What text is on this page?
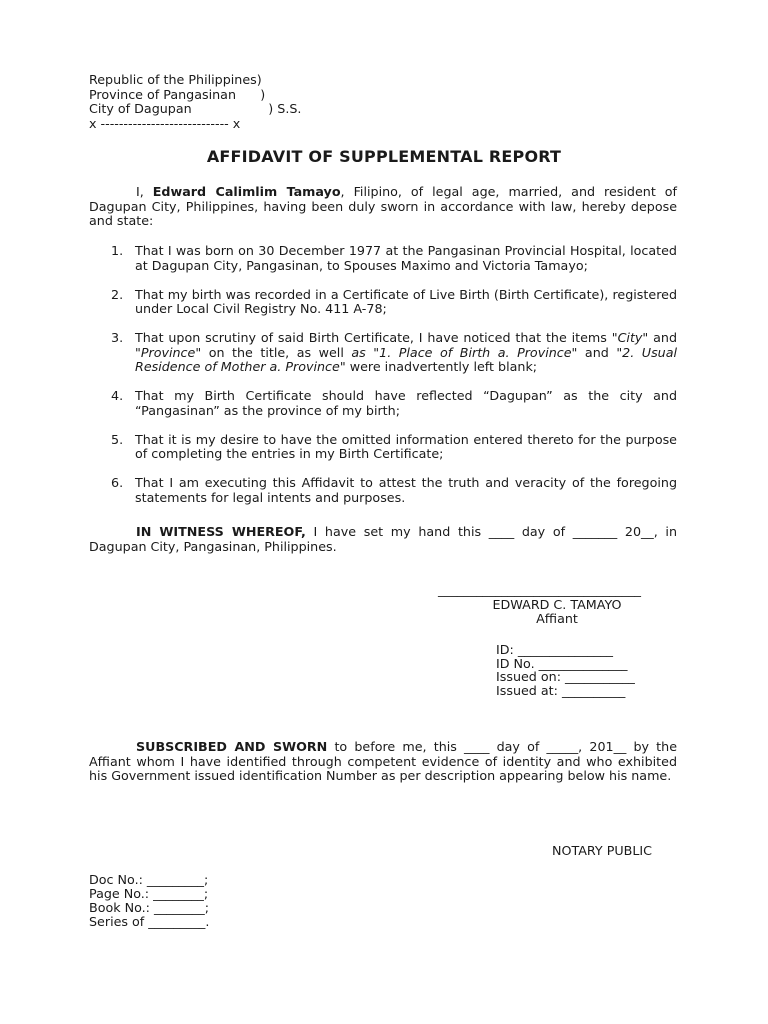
Republic of the Philippines)
Province of Pangasinan      )
City of Dagupan                   ) S.S.
x ---------------------------- x
AFFIDAVIT OF SUPPLEMENTAL REPORT
I, Edward Calimlim Tamayo, Filipino, of legal age, married, and resident of Dagupan City, Philippines, having been duly sworn in accordance with law, hereby depose and state:
1. That I was born on 30 December 1977 at the Pangasinan Provincial Hospital, located at Dagupan City, Pangasinan, to Spouses Maximo and Victoria Tamayo;
2. That my birth was recorded in a Certificate of Live Birth (Birth Certificate), registered under Local Civil Registry No. 411 A-78;
3. That upon scrutiny of said Birth Certificate, I have noticed that the items "City" and "Province" on the title, as well as "1. Place of Birth a. Province" and "2. Usual Residence of Mother a. Province" were inadvertently left blank;
4. That my Birth Certificate should have reflected “Dagupan” as the city and “Pangasinan” as the province of my birth;
5. That it is my desire to have the omitted information entered thereto for the purpose of completing the entries in my Birth Certificate;
6. That I am executing this Affidavit to attest the truth and veracity of the foregoing statements for legal intents and purposes.
IN WITNESS WHEREOF, I have set my hand this ____ day of _______ 20__, in Dagupan City, Pangasinan, Philippines.
________________________________
EDWARD C. TAMAYO
Affiant
ID: _______________
ID No. ______________
Issued on: ___________
Issued at: __________
SUBSCRIBED AND SWORN to before me, this ____ day of _____, 201__ by the Affiant whom I have identified through competent evidence of identity and who exhibited his Government issued identification Number as per description appearing below his name.
NOTARY PUBLIC
Doc No.: _________;
Page No.: ________;
Book No.: ________;
Series of _________.
